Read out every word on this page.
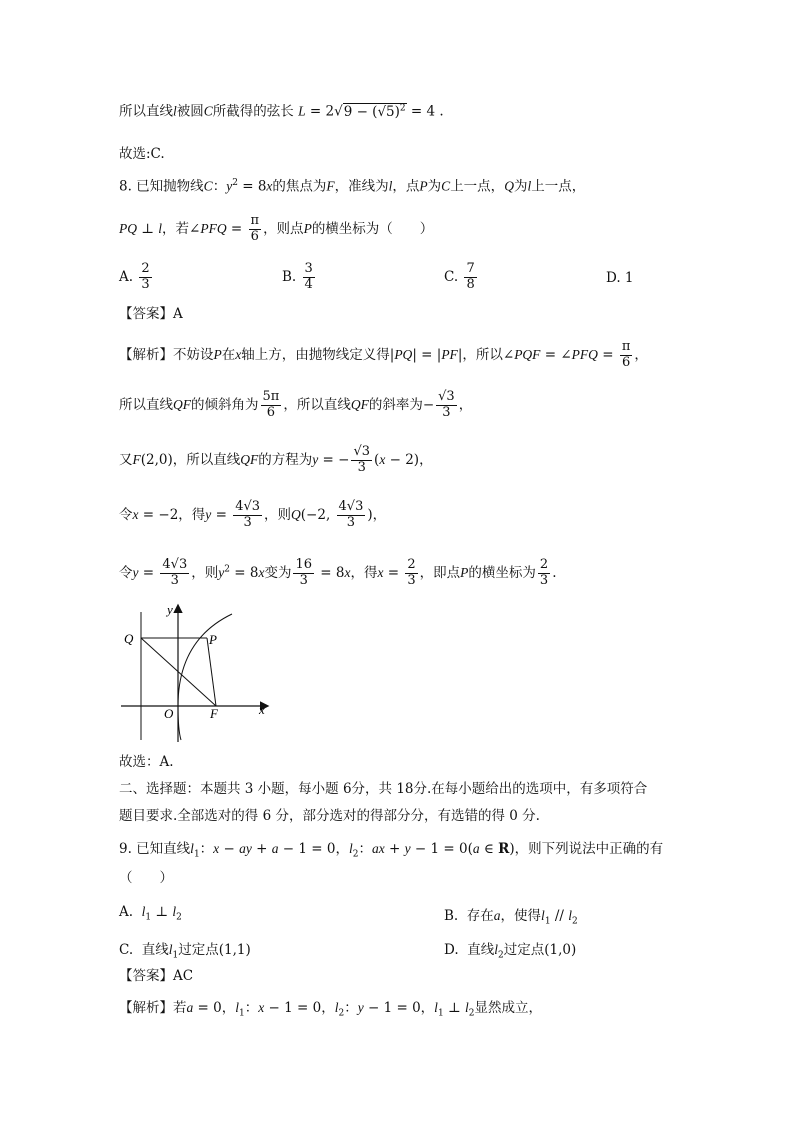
所以直线l被圆C所截得的弦长 $L = 2√9 - (√5)^2 = 4$ .
故选:C.
8. 已知抛物线C：$y^2 = 8x$的焦点为F，准线为l，点P为C上一点，Q为l上一点，
PQ ⊥ l，若∠PFQ = $\frac{\pi}{6}$ ，则点P的横坐标为（　　）
A. $\frac{2}{3}$	B. $\frac{3}{4}$	C. $\frac{7}{8}$	D. 1
【答案】A
【解析】不妨设P在x轴上方，由抛物线定义得|PQ| = |PF|，所以∠PQF = ∠PFQ = $\frac{\pi}{6}$ ，
所以直线QF的倾斜角为 $\frac{5\pi}{6}$ ，所以直线QF的斜率为− $\frac{√3}{3}$ ，
又F(2,0)，所以直线QF的方程为y = − $\frac{√3}{3} (x - 2)$，
令x = −2，得$y = \frac{4√3}{3}$ ，则Q(−2, $\frac{4√3}{3}$ )，
令$y = \frac{4√3}{3}$ ，则$y^2 = 8x$变为 $\frac{16}{3} = 8x$，得$x = \frac{2}{3}$ ，即点P的横坐标为 $\frac{2}{3}$ .
y
x
Q	P
O	F
故选：A.
二、选择题：本题共 3 小题，每小题 6分，共 18分.在每小题给出的选项中，有多项符合
题目要求.全部选对的得 6 分，部分选对的得部分分，有选错的得 0 分.
9. 已知直线$l_1$：x − ay + a − 1 = 0，$l_2$：ax + y − 1 = 0(a ∈ R)，则下列说法中正确的有
（　　）
A.  $l_1$ ⊥ $l_2$	B.  存在a，使得$l_1 // l_2$
C.  直线$l_1$过定点(1,1)	D.  直线$l_2$过定点(1,0)
【答案】AC
【解析】若a = 0，$l_1$：x − 1 = 0，$l_2$：y − 1 = 0，$l_1$ ⊥ $l_2$显然成立，
